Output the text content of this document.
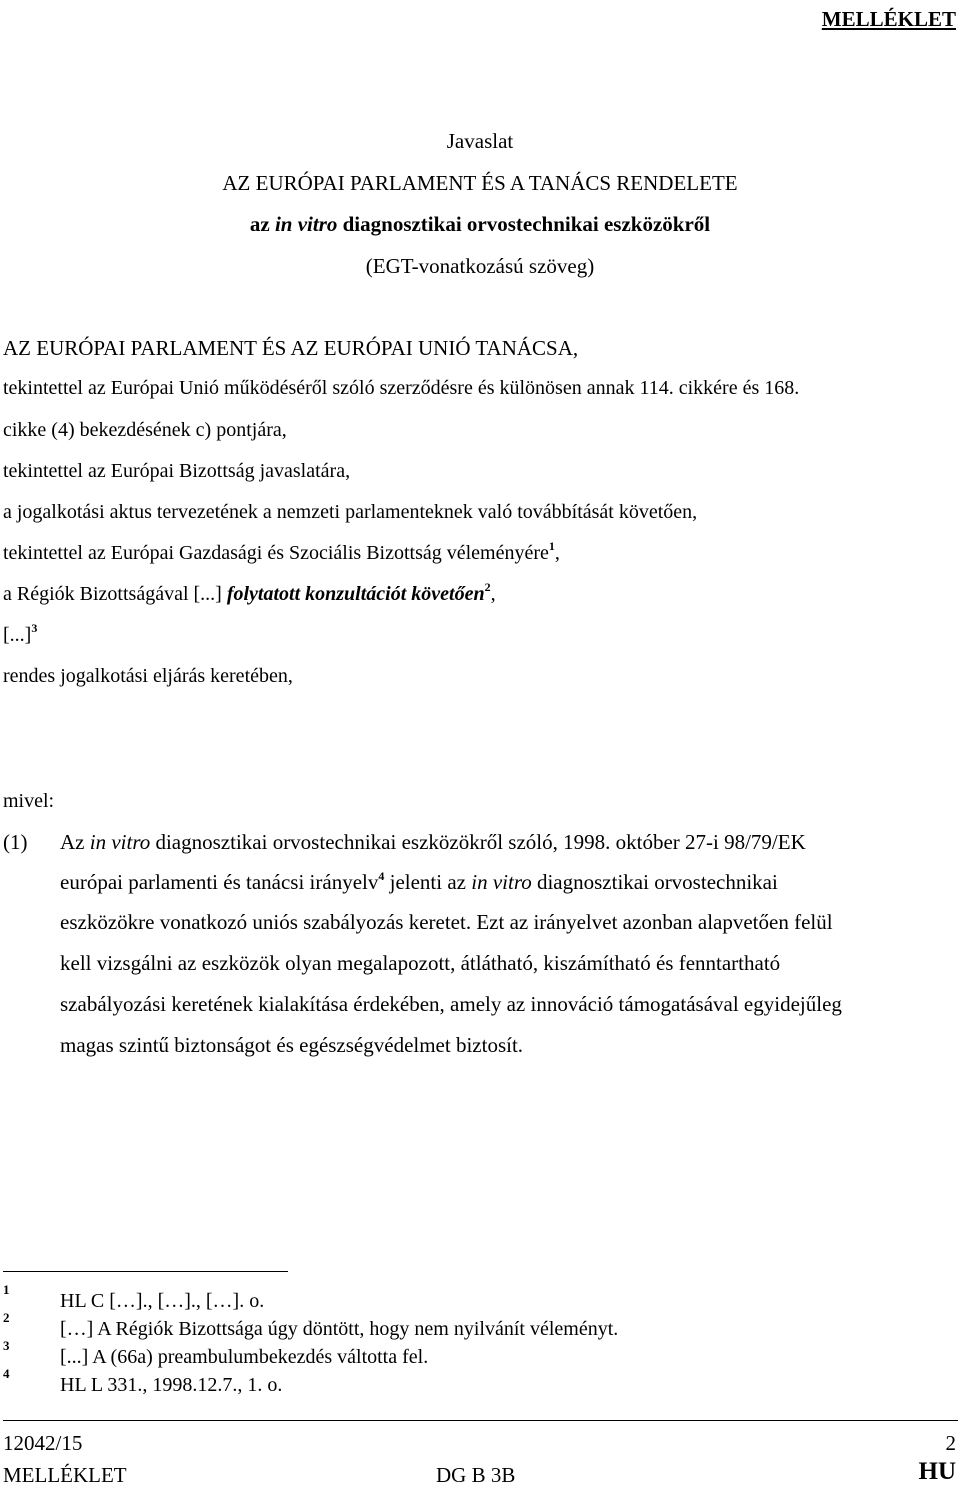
MELLÉKLET
Javaslat
AZ EURÓPAI PARLAMENT ÉS A TANÁCS RENDELETE
az in vitro diagnosztikai orvostechnikai eszközökről
(EGT-vonatkozású szöveg)
AZ EURÓPAI PARLAMENT ÉS AZ EURÓPAI UNIÓ TANÁCSA,
tekintettel az Európai Unió működéséről szóló szerződésre és különösen annak 114. cikkére és 168.
cikke (4) bekezdésének c) pontjára,
tekintettel az Európai Bizottság javaslatára,
a jogalkotási aktus tervezetének a nemzeti parlamenteknek való továbbítását követően,
tekintettel az Európai Gazdasági és Szociális Bizottság véleményére$^1$,
a Régiók Bizottságával [...] folytatott konzultációt követően$^2$,
[...]$^3$
rendes jogalkotási eljárás keretében,
mivel:
(1) Az in vitro diagnosztikai orvostechnikai eszközökről szóló, 1998. október 27-i 98/79/EK
európai parlamenti és tanácsi irányelv$^4$ jelenti az in vitro diagnosztikai orvostechnikai
eszközökre vonatkozó uniós szabályozás keretet. Ezt az irányelvet azonban alapvetően felül
kell vizsgálni az eszközök olyan megalapozott, átlátható, kiszámítható és fenntartható
szabályozási keretének kialakítása érdekében, amely az innováció támogatásával egyidejűleg
magas szintű biztonságot és egészségvédelmet biztosít.
1
HL C […]., […]., […]. o.
2
[…] A Régiók Bizottsága úgy döntött, hogy nem nyilvánít véleményt.
3
[...] A (66a) preambulumbekezdés váltotta fel.
4
HL L 331., 1998.12.7., 1. o.
12042/15	2
MELLÉKLET	DG B 3B	HU
